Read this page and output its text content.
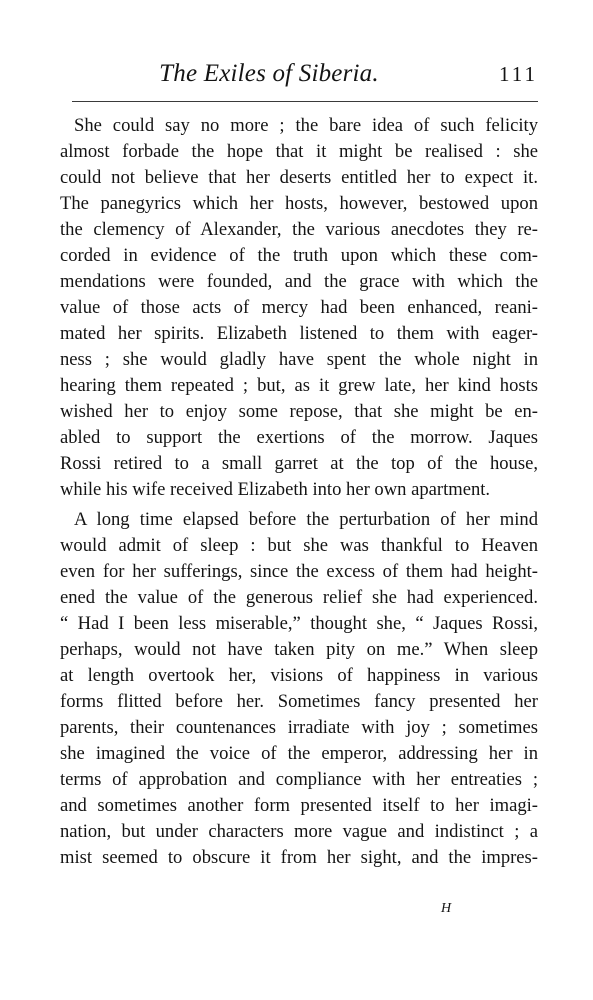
The Exiles of Siberia.	111
She could say no more ; the bare idea of such felicity
almost forbade the hope that it might be realised : she
could not believe that her deserts entitled her to expect it.
The panegyrics which her hosts, however, bestowed upon
the clemency of Alexander, the various anecdotes they re-
corded in evidence of the truth upon which these com-
mendations were founded, and the grace with which the
value of those acts of mercy had been enhanced, reani-
mated her spirits. Elizabeth listened to them with eager-
ness ; she would gladly have spent the whole night in
hearing them repeated ; but, as it grew late, her kind hosts
wished her to enjoy some repose, that she might be en-
abled to support the exertions of the morrow. Jaques
Rossi retired to a small garret at the top of the house,
while his wife received Elizabeth into her own apartment.
A long time elapsed before the perturbation of her mind
would admit of sleep : but she was thankful to Heaven
even for her sufferings, since the excess of them had height-
ened the value of the generous relief she had experienced.
“ Had I been less miserable,” thought she, “ Jaques Rossi,
perhaps, would not have taken pity on me.” When sleep
at length overtook her, visions of happiness in various
forms flitted before her. Sometimes fancy presented her
parents, their countenances irradiate with joy ; sometimes
she imagined the voice of the emperor, addressing her in
terms of approbation and compliance with her entreaties ;
and sometimes another form presented itself to her imagi-
nation, but under characters more vague and indistinct ; a
mist seemed to obscure it from her sight, and the impres-
H
